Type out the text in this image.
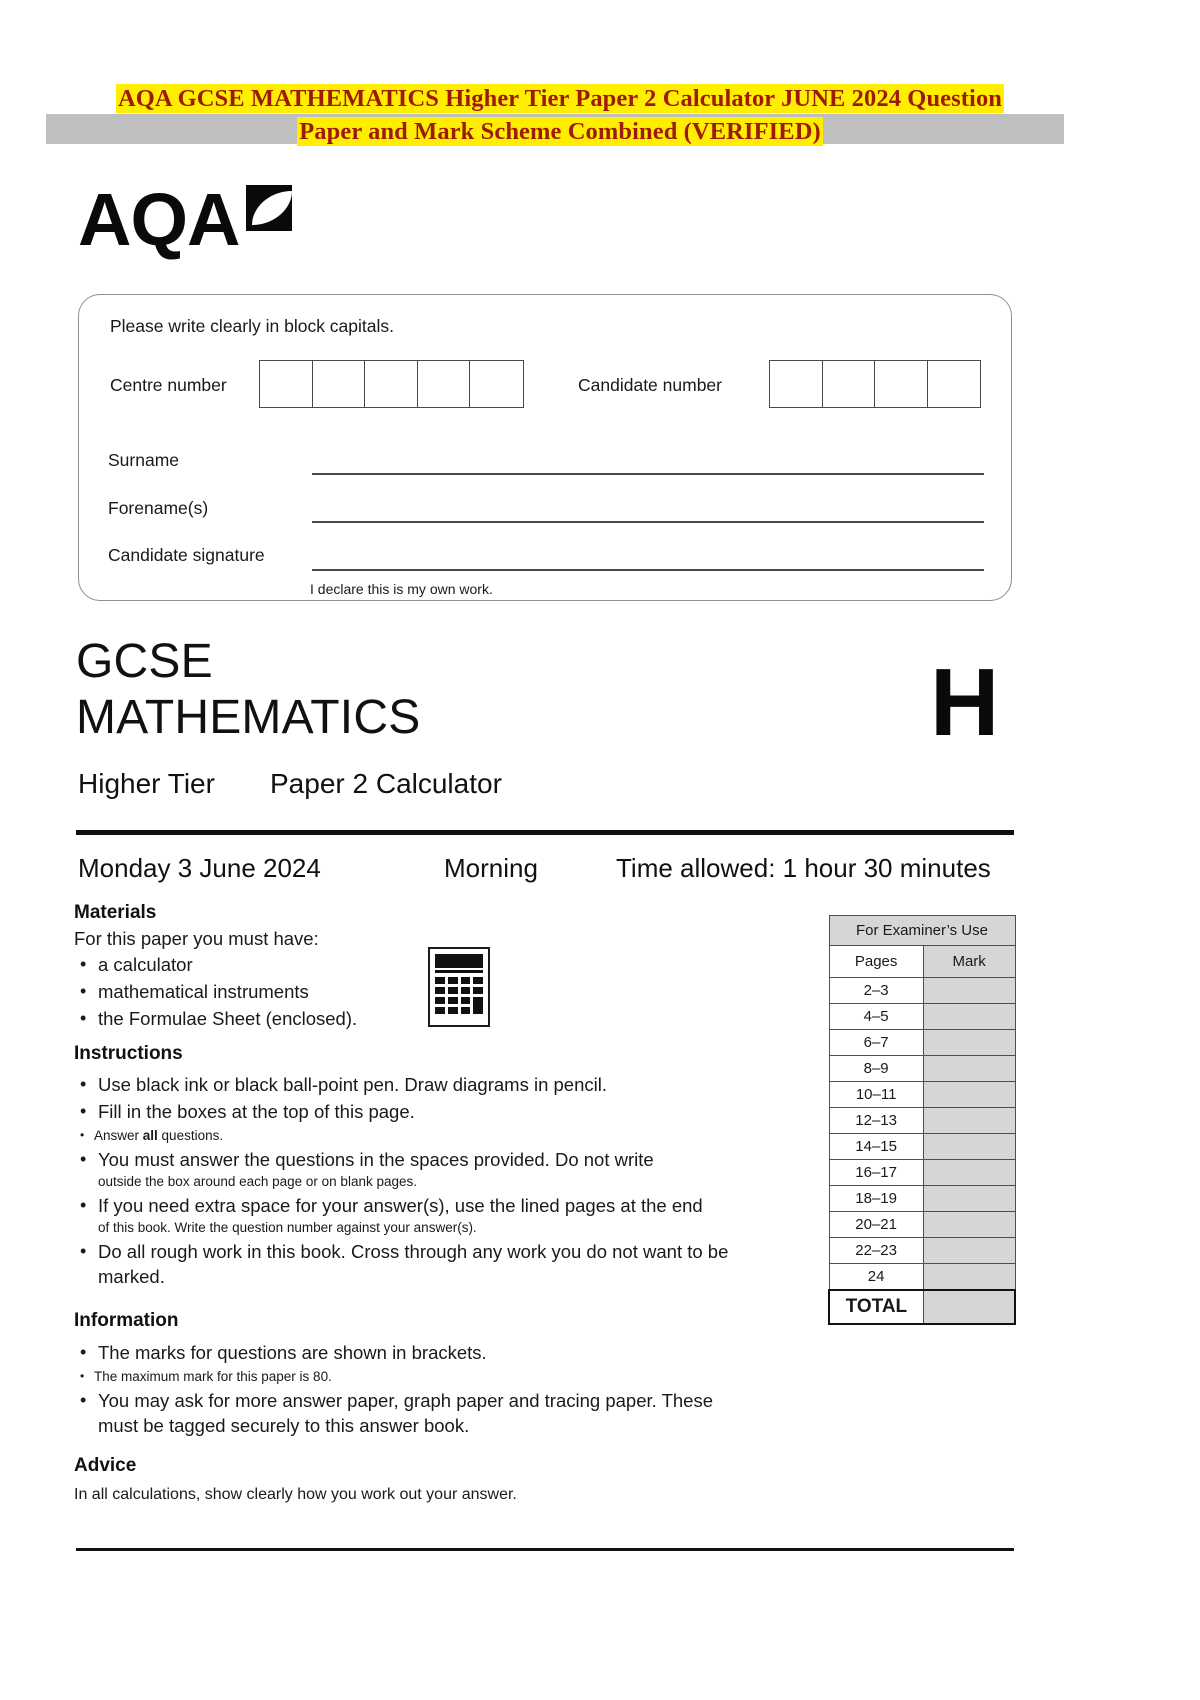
AQA GCSE MATHEMATICS Higher Tier Paper 2 Calculator JUNE 2024 Question
Paper and Mark Scheme Combined (VERIFIED)
AQA
Please write clearly in block capitals.
Centre number	Candidate number
Surname
Forename(s)
Candidate signature
I declare this is my own work.
GCSE
MATHEMATICS
Higher Tier Paper 2 Calculator
H
Monday 3 June 2024	Morning	Time allowed: 1 hour 30 minutes
Materials
For this paper you must have:
• a calculator
• mathematical instruments
• the Formulae Sheet (enclosed).
Instructions
• Use black ink or black ball-point pen. Draw diagrams in pencil.
• Fill in the boxes at the top of this page.
• Answer all questions.
• You must answer the questions in the spaces provided. Do not write
outside the box around each page or on blank pages.
• If you need extra space for your answer(s), use the lined pages at the end
of this book. Write the question number against your answer(s).
• Do all rough work in this book. Cross through any work you do not want to be marked.
Information
• The marks for questions are shown in brackets.
• The maximum mark for this paper is 80.
• You may ask for more answer paper, graph paper and tracing paper. These must be tagged securely to this answer book.
Advice
In all calculations, show clearly how you work out your answer.
For Examiner’s Use	
Pages	Mark
2–3	
4–5	
6–7	
8–9	
10–11	
12–13	
14–15	
16–17	
18–19	
20–21	
22–23	
24	
TOTAL	
